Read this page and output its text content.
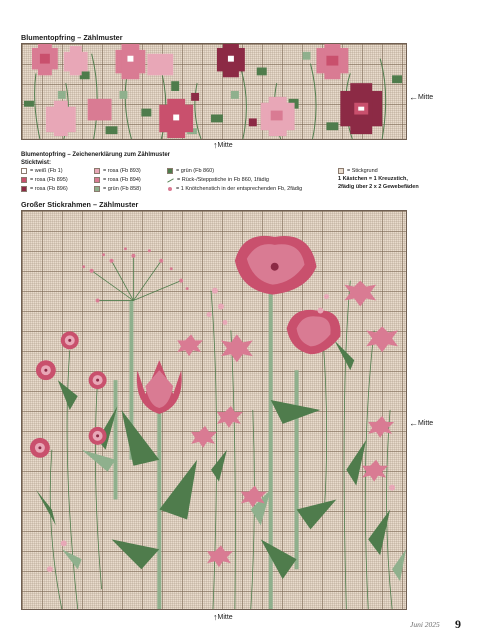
Blumentopfring – Zählmuster
←Mitte
↑Mitte
Blumentopfring – Zeichenerklärung zum Zählmuster
Sticktwist:
= weiß (Fb 1)
= rosa (Fb 895)
= rosa (Fb 896)
= rosa (Fb 893)
= rosa (Fb 894)
= grün (Fb 858)
= grün (Fb 860)
= Rück-/Steppstiche in Fb 860, 1fädig
= 1 Knötchenstich in der entsprechenden Fb, 2fädig
= Stickgrund
1 Kästchen = 1 Kreuzstich,
2fädig über 2 x 2 Gewebefäden
Großer Stickrahmen – Zählmuster
←Mitte
↑Mitte
Juni 2025 9
